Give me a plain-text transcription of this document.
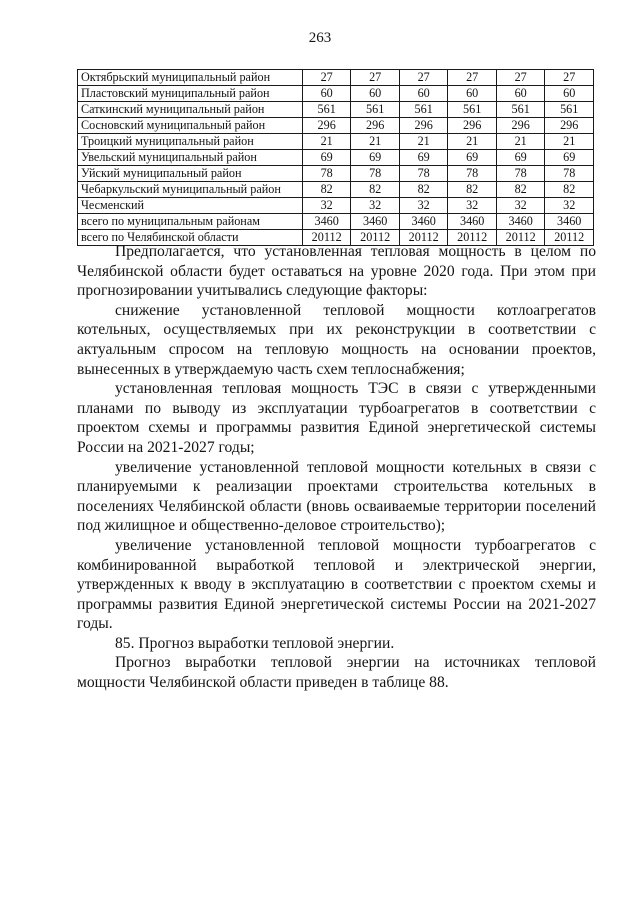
263
Октябрьский муниципальный район	27	27	27	27	27	27
Пластовский муниципальный район	60	60	60	60	60	60
Саткинский муниципальный район	561	561	561	561	561	561
Сосновский муниципальный район	296	296	296	296	296	296
Троицкий муниципальный район	21	21	21	21	21	21
Увельский муниципальный район	69	69	69	69	69	69
Уйский муниципальный район	78	78	78	78	78	78
Чебаркульский муниципальный район	82	82	82	82	82	82
Чесменский	32	32	32	32	32	32
всего по муниципальным районам	3460	3460	3460	3460	3460	3460
всего по Челябинской области	20112	20112	20112	20112	20112	20112

Предполагается, что установленная тепловая мощность в целом по Челябинской области будет оставаться на уровне 2020 года. При этом при прогнозировании учитывались следующие факторы:

снижение установленной тепловой мощности котлоагрегатов котельных, осуществляемых при их реконструкции в соответствии с актуальным спросом на тепловую мощность на основании проектов, вынесенных в утверждаемую часть схем теплоснабжения;

установленная тепловая мощность ТЭС в связи с утвержденными планами по выводу из эксплуатации турбоагрегатов в соответствии с проектом схемы и программы развития Единой энергетической системы России на 2021-2027 годы;

увеличение установленной тепловой мощности котельных в связи с планируемыми к реализации проектами строительства котельных в поселениях Челябинской области (вновь осваиваемые территории поселений под жилищное и общественно-деловое строительство);

увеличение установленной тепловой мощности турбоагрегатов с комбинированной выработкой тепловой и электрической энергии, утвержденных к вводу в эксплуатацию в соответствии с проектом схемы и программы развития Единой энергетической системы России на 2021-2027 годы.

85. Прогноз выработки тепловой энергии.

Прогноз выработки тепловой энергии на источниках тепловой мощности Челябинской области приведен в таблице 88.
